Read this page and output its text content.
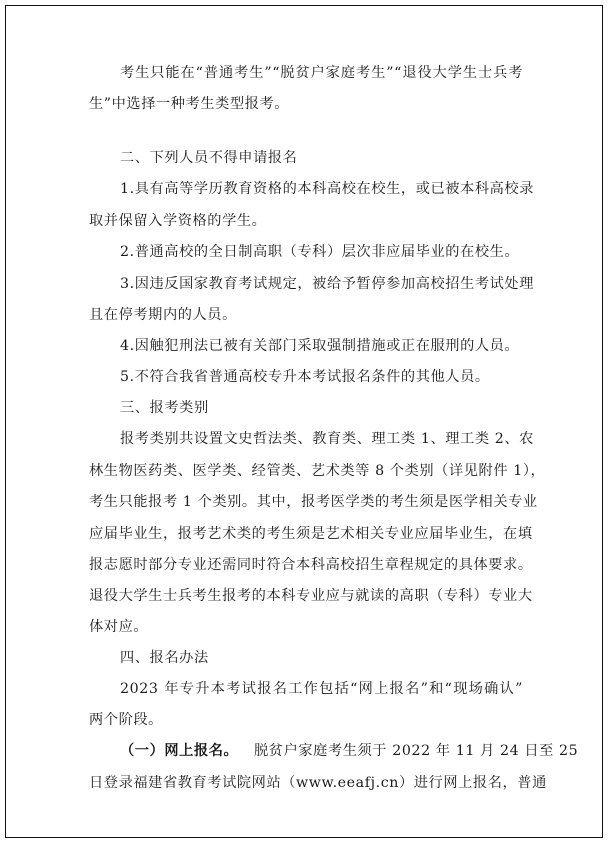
考生只能在“普通考生”“脱贫户家庭考生”“退役大学生士兵考
生”中选择一种考生类型报考。
二、下列人员不得申请报名
1.具有高等学历教育资格的本科高校在校生，或已被本科高校录
取并保留入学资格的学生。
2.普通高校的全日制高职（专科）层次非应届毕业的在校生。
3.因违反国家教育考试规定，被给予暂停参加高校招生考试处理
且在停考期内的人员。
4.因触犯刑法已被有关部门采取强制措施或正在服刑的人员。
5.不符合我省普通高校专升本考试报名条件的其他人员。
三、报考类别
报考类别共设置文史哲法类、教育类、理工类 1、理工类 2、农
林生物医药类、医学类、经管类、艺术类等 8 个类别（详见附件 1），
考生只能报考 1 个类别。其中，报考医学类的考生须是医学相关专业
应届毕业生，报考艺术类的考生须是艺术相关专业应届毕业生，在填
报志愿时部分专业还需同时符合本科高校招生章程规定的具体要求。
退役大学生士兵考生报考的本科专业应与就读的高职（专科）专业大
体对应。
四、报名办法
2023 年专升本考试报名工作包括“网上报名”和“现场确认”
两个阶段。
（一）网上报名。 脱贫户家庭考生须于 2022 年 11 月 24 日至 25
日登录福建省教育考试院网站（www.eeafj.cn）进行网上报名，普通
